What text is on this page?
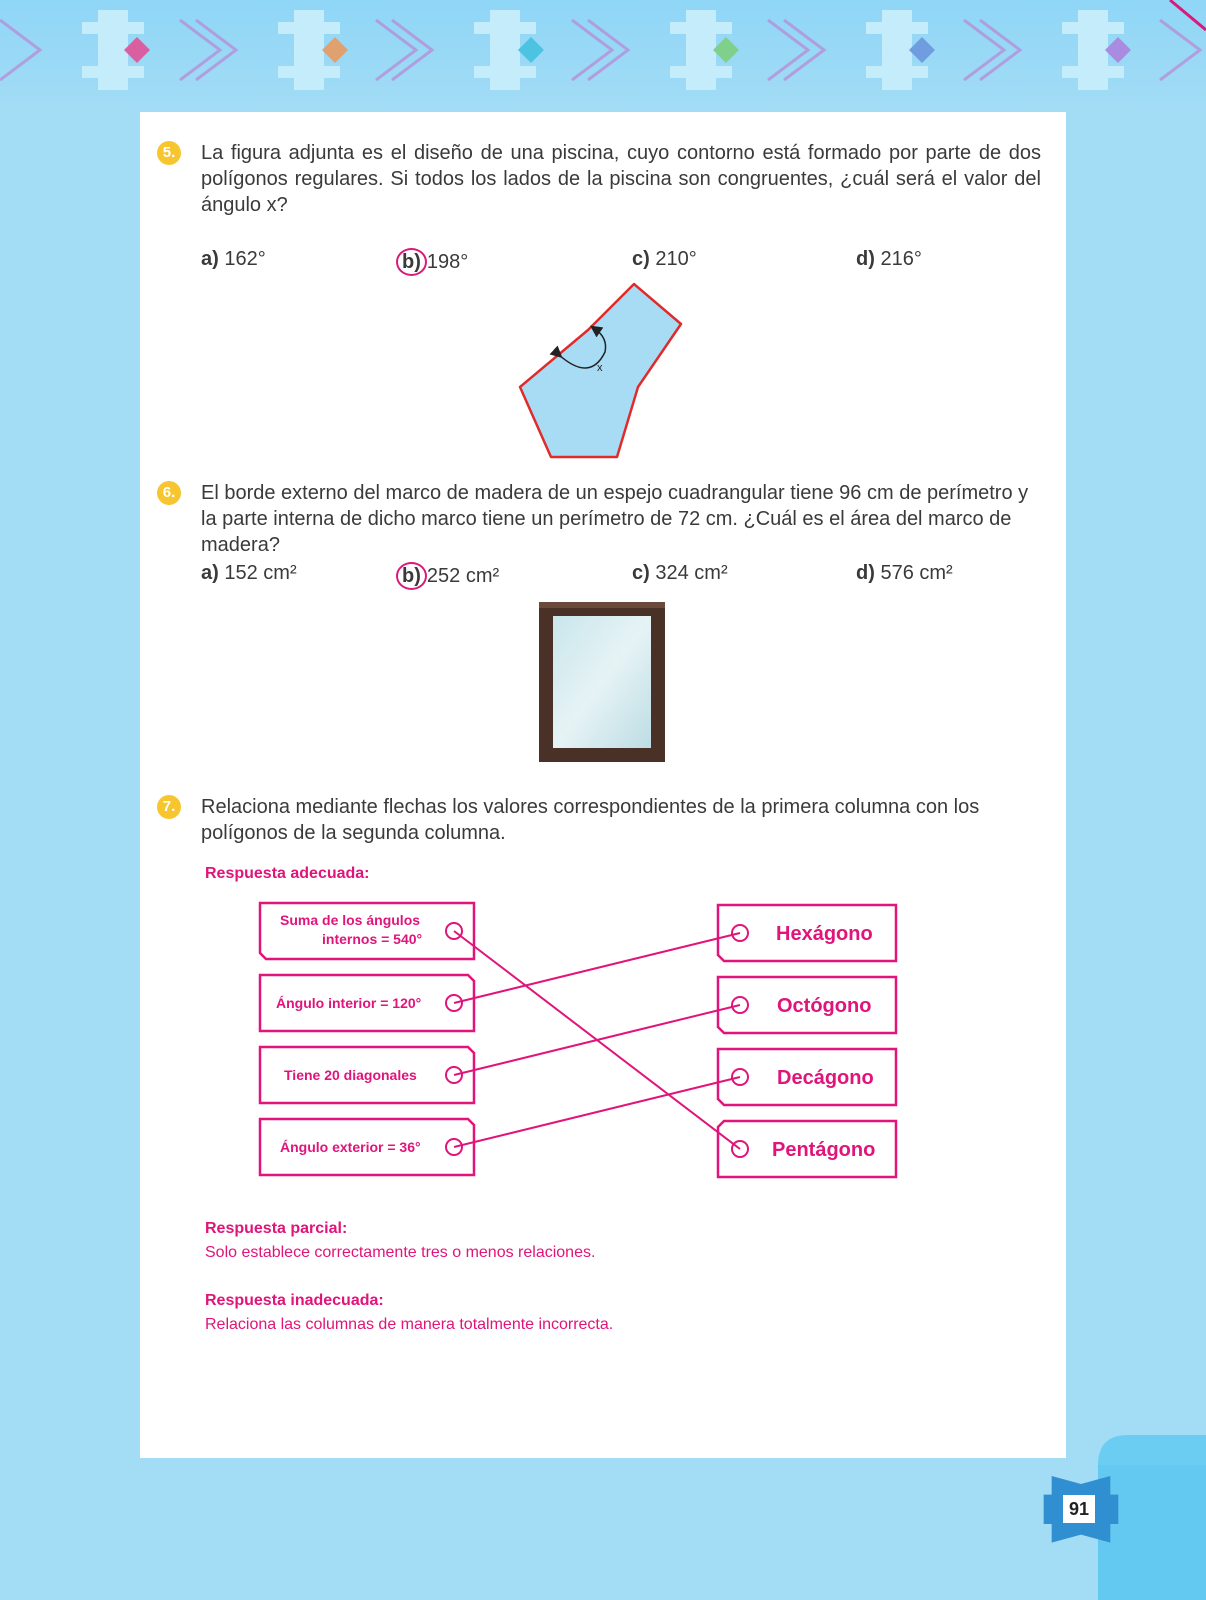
5. La figura adjunta es el diseño de una piscina, cuyo contorno está formado por parte de dos polígonos regulares. Si todos los lados de la piscina son congruentes, ¿cuál será el valor del ángulo x?
a) 162°	b) 198°	c) 210°	d) 216°
x
6. El borde externo del marco de madera de un espejo cuadrangular tiene 96 cm de perímetro y la parte interna de dicho marco tiene un perímetro de 72 cm. ¿Cuál es el área del marco de madera?
a) 152 cm²	b) 252 cm²	c) 324 cm²	d) 576 cm²
7. Relaciona mediante flechas los valores correspondientes de la primera columna con los polígonos de la segunda columna.
Respuesta adecuada:
Suma de los ángulos
internos = 540°
Ángulo interior = 120°
Tiene 20 diagonales
Ángulo exterior = 36°
Hexágono
Octógono
Decágono
Pentágono
Respuesta parcial:
Solo establece correctamente tres o menos relaciones.
Respuesta inadecuada:
Relaciona las columnas de manera totalmente incorrecta.
91
